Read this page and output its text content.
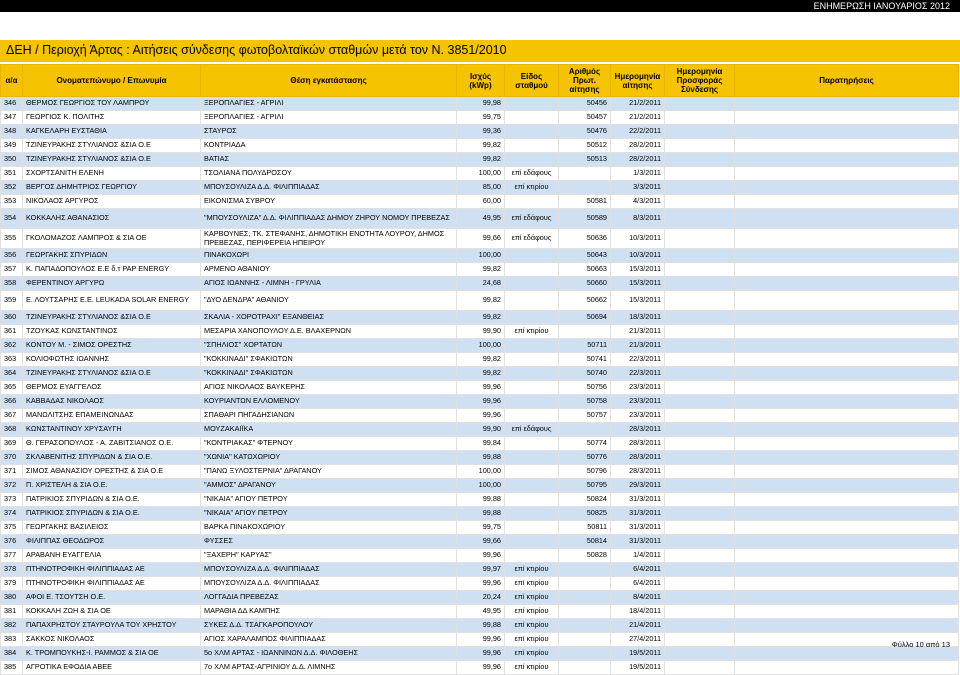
ΕΝΗΜΕΡΩΣΗ ΙΑΝΟΥΑΡΙΟΣ 2012
ΔΕΗ / Περιοχή Άρτας : Αιτήσεις σύνδεσης φωτοβολταϊκών σταθμών μετά τον Ν. 3851/2010
α/α	Ονοματεπώνυμο / Επωνυμία	Θέση εγκατάστασης	Ισχύς (kWp)	Είδος σταθμού	Αριθμός Πρωτ. αίτησης	Ημερομηνία αίτησης	Ημερομηνία Προσφοράς Σύνδεσης	Παρατηρήσεις
346	ΘΕΡΜΟΣ ΓΕΩΡΓΙΟΣ ΤΟΥ ΛΑΜΠΡΟΥ	ΞΕΡΟΠΛΑΓΙΕΣ - ΑΓΡΙΛΙ	99,98		50456	21/2/2011		
347	ΓΕΩΡΓΙΟΣ Κ. ΠΟΛΙΤΗΣ	ΞΕΡΟΠΛΑΓΙΕΣ - ΑΓΡΙΛΙ	99,75		50457	21/2/2011		
348	ΚΑΓΚΕΛΑΡΗ ΕΥΣΤΑΘΙΑ	ΣΤΑΥΡΟΣ	99,36		50476	22/2/2011		
349	ΤΖΙΝΕΥΡΑΚΗΣ ΣΤΥΛΙΑΝΟΣ &ΣΙΑ Ο.Ε	ΚΟΝΤΡΙΑΔΑ	99,82		50512	28/2/2011		
350	ΤΖΙΝΕΥΡΑΚΗΣ ΣΤΥΛΙΑΝΟΣ &ΣΙΑ Ο.Ε	ΒΑΤΙΑΣ	99,82		50513	28/2/2011		
351	ΣΧΟΡΤΣΑΝΙΤΗ ΕΛΕΝΗ	ΤΣΟΛΙΑΝΑ ΠΟΛΥΔΡΟΣΟΥ	100,00	επί εδάφους		1/3/2011		
352	ΒΕΡΓΟΣ ΔΗΜΗΤΡΙΟΣ ΓΕΩΡΓΙΟΥ	ΜΠΟΥΣΟΥΛΙΖΑ Δ.Δ. ΦΙΛΙΠΠΙΑΔΑΣ	85,00	επί κτιρίου		3/3/2011		
353	ΝΙΚΟΛΑΟΣ ΑΡΓΥΡΟΣ	ΕΙΚΟΝΙΣΜΑ ΣΥΒΡΟΥ	60,00		50581	4/3/2011		
354	ΚΟΚΚΑΛΗΣ ΑΘΑΝΑΣΙΟΣ	"ΜΠΟΥΣΟΥΛΙΖΑ" Δ.Δ. ΦΙΛΙΠΠΙΑΔΑΣ ΔΗΜΟΥ ΖΗΡΟΥ ΝΟΜΟΥ ΠΡΕΒΕΖΑΣ	49,95	επί εδάφους	50589	8/3/2011		
355	ΓΚΟΛΟΜΑΖΟΣ ΛΑΜΠΡΟΣ & ΣΙΑ ΟΕ	ΚΑΡΒΟΥΝΕΣ, ΤΚ. ΣΤΕΦΑΝΗΣ, ΔΗΜΟΤΙΚΗ ΕΝΟΤΗΤΑ ΛΟΥΡΟΥ, ΔΗΜΟΣ ΠΡΕΒΕΖΑΣ, ΠΕΡΙΦΕΡΕΙΑ ΗΠΕΙΡΟΥ	99,66	επί εδάφους	50636	10/3/2011		
356	ΓΕΩΡΓΑΚΗΣ ΣΠΥΡΙΔΩΝ	ΠΙΝΑΚΟΧΩΡΙ	100,00		50643	10/3/2011		
357	Κ. ΠΑΠΑΔΟΠΟΥΛΟΣ Ε.Ε δ.τ PAP ENERGY	ΑΡΜΕΝΟ ΑΘΑΝΙΟΥ	99,82		50663	15/3/2011		
358	ΦΕΡΕΝΤΙΝΟΥ ΑΡΓΥΡΩ	ΑΓΙΟΣ ΙΩΑΝΝΗΣ - ΛΙΜΝΗ - ΓΡΥΛΙΑ	24,68		50660	15/3/2011		
359	Ε. ΛΟΥΤΣΑΡΗΣ Ε.Ε. LEUKADA SOLAR ENERGY	"ΔΥΟ ΔΕΝΔΡΑ" ΑΘΑΝΙΟΥ	99,82		50662	15/3/2011		
360	ΤΖΙΝΕΥΡΑΚΗΣ ΣΤΥΛΙΑΝΟΣ &ΣΙΑ Ο.Ε	ΣΚΑΛΙΑ - ΧΟΡΟΤΡΑΧΙ" ΕΞΑΝΘΕΙΑΣ	99,82		50694	18/3/2011		
361	ΤΖΟΥΚΑΣ ΚΩΝΣΤΑΝΤΙΝΟΣ	ΜΕΣΑΡΙΑ ΧΑΝΟΠΟΥΛΟΥ Δ.Ε. ΒΛΑΧΕΡΝΩΝ	99,90	επί κτιρίου		21/3/2011		
362	ΚΟΝΤΟΥ Μ. - ΣΙΜΟΣ ΟΡΕΣΤΗΣ	"ΣΠΗΛΙΟΣ" ΧΟΡΤΑΤΩΝ	100,00		50711	21/3/2011		
363	ΚΟΛΙΟΦΩΤΗΣ ΙΩΑΝΝΗΣ	"ΚΟΚΚΙΝΑΔΙ" ΣΦΑΚΙΩΤΩΝ	99,82		50741	22/3/2011		
364	ΤΖΙΝΕΥΡΑΚΗΣ ΣΤΥΛΙΑΝΟΣ &ΣΙΑ Ο.Ε	"ΚΟΚΚΙΝΑΔΙ" ΣΦΑΚΙΩΤΩΝ	99,82		50740	22/3/2011		
365	ΘΕΡΜΟΣ ΕΥΑΓΓΕΛΟΣ	ΑΓΙΟΣ ΝΙΚΟΛΑΟΣ ΒΑΥΚΕΡΗΣ	99,96		50756	23/3/2011		
366	ΚΑΒΒΑΔΑΣ ΝΙΚΟΛΑΟΣ	ΚΟΥΡΙΑΝΤΩΝ ΕΛΛΟΜΕΝΟΥ	99,96		50758	23/3/2011		
367	ΜΑΝΩΛΙΤΣΗΣ ΕΠΑΜΕΙΝΩΝΔΑΣ	ΣΠΑΘΑΡΙ ΠΗΓΑΔΗΣΙΑΝΩΝ	99,96		50757	23/3/2011		
368	ΚΩΝΣΤΑΝΤΙΝΟΥ ΧΡΥΣΑΥΓΗ	ΜΟΥΖΑΚΑΙΪΚΑ	99,90	επί εδάφους		28/3/2011		
369	Θ. ΓΕΡΑΣΟΠΟΥΛΟΣ - Α. ΖΑΒΙΤΣΙΑΝΟΣ Ο.Ε.	"ΚΟΝΤΡΙΑΚΑΣ" ΦΤΕΡΝΟΥ	99,84		50774	28/3/2011		
370	ΣΚΛΑΒΕΝΙΤΗΣ ΣΠΥΡΙΔΩΝ & ΣΙΑ Ο.Ε.	"ΧΩΝΙΑ" ΚΑΤΩΧΩΡΙΟΥ	99,88		50776	28/3/2011		
371	ΣΙΜΟΣ ΑΘΑΝΑΣΙΟΥ ΟΡΕΣΤΗΣ & ΣΙΑ Ο.Ε	"ΠΑΝΩ ΞΥΛΟΣΤΕΡΝΙΑ" ΔΡΑΓΑΝΟΥ	100,00		50796	28/3/2011		
372	Π. ΧΡΙΣΤΕΛΗ & ΣΙΑ Ο.Ε.	"ΑΜΜΟΣ" ΔΡΑΓΑΝΟΥ	100,00		50795	29/3/2011		
373	ΠΑΤΡΙΚΙΟΣ ΣΠΥΡΙΔΩΝ & ΣΙΑ Ο.Ε.	"ΝΙΚΑΙΑ" ΑΓΙΟΥ ΠΕΤΡΟΥ	99,88		50824	31/3/2011		
374	ΠΑΤΡΙΚΙΟΣ ΣΠΥΡΙΔΩΝ & ΣΙΑ Ο.Ε.	"ΝΙΚΑΙΑ" ΑΓΙΟΥ ΠΕΤΡΟΥ	99,88		50825	31/3/2011		
375	ΓΕΩΡΓΑΚΗΣ ΒΑΣΙΛΕΙΟΣ	ΒΑΡΚΑ ΠΙΝΑΚΟΧΩΡΙΟΥ	99,75		50811	31/3/2011		
376	ΦΙΛΙΠΠΑΣ ΘΕΟΔΩΡΟΣ	ΦΥΣΣΕΣ	99,66		50814	31/3/2011		
377	ΑΡΑΒΑΝΗ ΕΥΑΓΓΕΛΙΑ	"ΞΑΧΕΡΗ" ΚΑΡΥΑΣ"	99,96		50828	1/4/2011		
378	ΠΤΗΝΟΤΡΟΦΙΚΗ ΦΙΛΙΠΠΙΑΔΑΣ ΑΕ	ΜΠΟΥΣΟΥΛΙΖΑ Δ.Δ. ΦΙΛΙΠΠΙΑΔΑΣ	99,97	επί κτιρίου		6/4/2011		
379	ΠΤΗΝΟΤΡΟΦΙΚΗ ΦΙΛΙΠΠΙΑΔΑΣ ΑΕ	ΜΠΟΥΣΟΥΛΙΖΑ Δ.Δ. ΦΙΛΙΠΠΙΑΔΑΣ	99,96	επί κτιρίου		6/4/2011		
380	ΑΦΟΙ Ε. ΤΣΟΥΤΣΗ Ο.Ε.	ΛΟΓΓΑΔΙΑ ΠΡΕΒΕΖΑΣ	20,24	επί κτιρίου		8/4/2011		
381	ΚΟΚΚΑΛΗ ΖΩΗ & ΣΙΑ ΟΕ	ΜΑΡΑΘΙΑ ΔΔ ΚΑΜΠΗΣ	49,95	επί κτιρίου		18/4/2011		
382	ΠΑΠΑΧΡΗΣΤΟΥ ΣΤΑΥΡΟΥΛΑ ΤΟΥ ΧΡΗΣΤΟΥ	ΣΥΚΕΣ Δ.Δ. ΤΣΑΓΚΑΡΟΠΟΥΛΟΥ	99,88	επί κτιρίου		21/4/2011		
383	ΣΑΚΚΟΣ ΝΙΚΟΛΑΟΣ	ΑΓΙΟΣ ΧΑΡΑΛΑΜΠΟΣ ΦΙΛΙΠΠΙΑΔΑΣ	99,96	επί κτιρίου		27/4/2011		
384	Κ. ΤΡΟΜΠΟΥΚΗΣ-Ι. ΡΑΜΜΟΣ & ΣΙΑ ΟΕ	5ο ΧΛΜ ΑΡΤΑΣ - ΙΩΑΝΝΙΝΩΝ Δ.Δ. ΦΙΛΟΘΕΗΣ	99,96	επί κτιρίου		19/5/2011		
385	ΑΓΡΟΤΙΚΑ ΕΦΟΔΙΑ ΑΒΕΕ	7ο ΧΛΜ ΑΡΤΑΣ-ΑΓΡΙΝΙΟΥ Δ.Δ. ΛΙΜΝΗΣ	99,96	επί κτιρίου		19/5/2011		
Φύλλο 10 από 13
